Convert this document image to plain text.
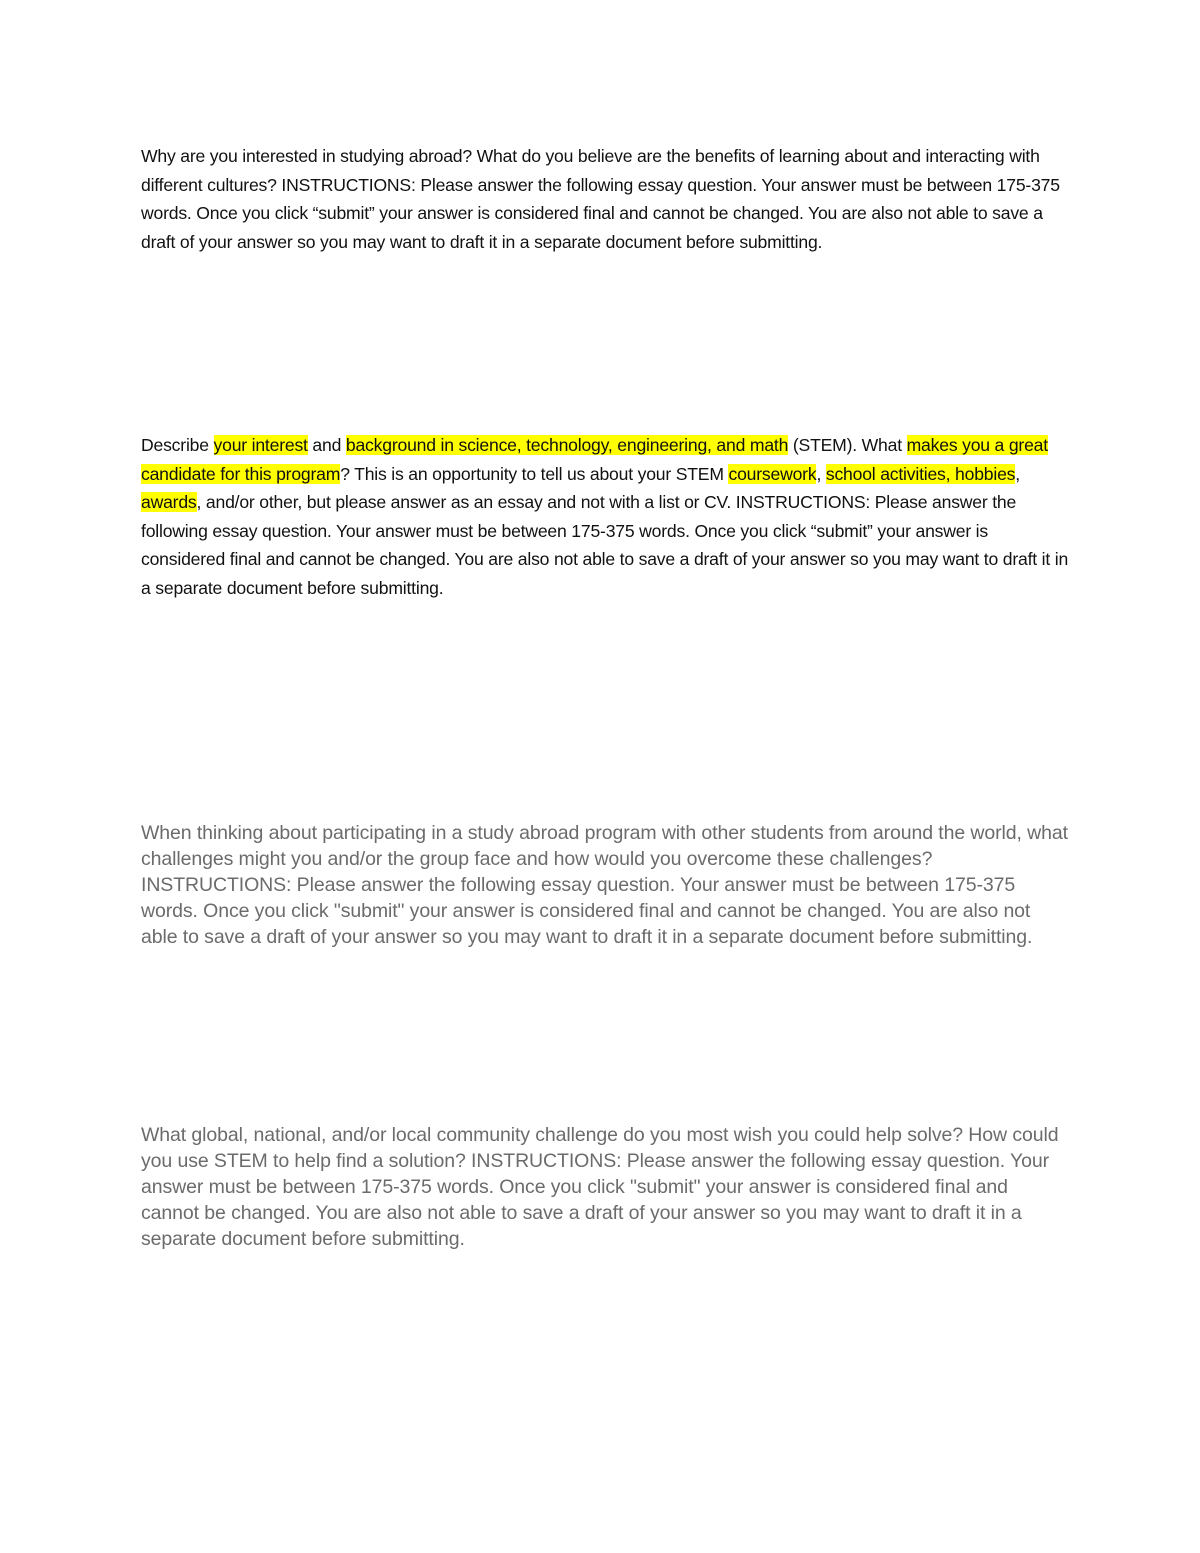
Why are you interested in studying abroad? What do you believe are the benefits of learning about and interacting with different cultures? INSTRUCTIONS: Please answer the following essay question. Your answer must be between 175-375 words. Once you click “submit” your answer is considered final and cannot be changed. You are also not able to save a draft of your answer so you may want to draft it in a separate document before submitting.

Describe your interest and background in science, technology, engineering, and math (STEM). What makes you a great candidate for this program? This is an opportunity to tell us about your STEM coursework, school activities, hobbies, awards, and/or other, but please answer as an essay and not with a list or CV. INSTRUCTIONS: Please answer the following essay question. Your answer must be between 175-375 words. Once you click “submit” your answer is considered final and cannot be changed. You are also not able to save a draft of your answer so you may want to draft it in a separate document before submitting.

When thinking about participating in a study abroad program with other students from around the world, what challenges might you and/or the group face and how would you overcome these challenges? INSTRUCTIONS: Please answer the following essay question. Your answer must be between 175-375 words. Once you click "submit" your answer is considered final and cannot be changed. You are also not able to save a draft of your answer so you may want to draft it in a separate document before submitting.

What global, national, and/or local community challenge do you most wish you could help solve? How could you use STEM to help find a solution? INSTRUCTIONS: Please answer the following essay question. Your answer must be between 175-375 words. Once you click "submit" your answer is considered final and cannot be changed. You are also not able to save a draft of your answer so you may want to draft it in a separate document before submitting.
